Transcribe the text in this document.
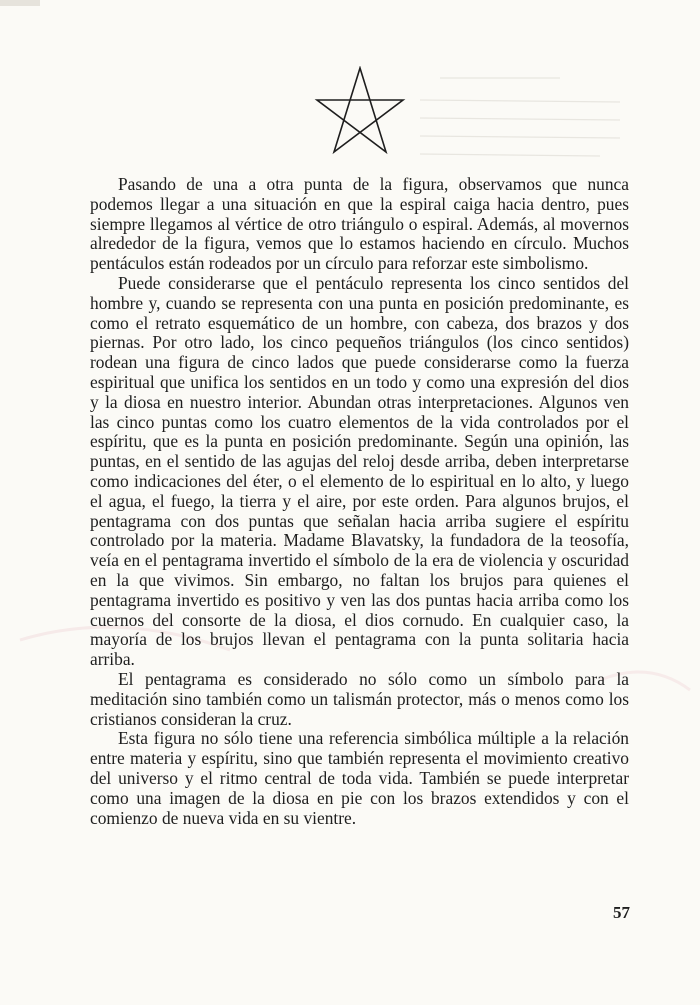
Pasando de una a otra punta de la figura, observamos que nunca podemos llegar a una situación en que la espiral caiga hacia dentro, pues siempre llegamos al vértice de otro triángulo o espiral. Además, al movernos alrededor de la figura, vemos que lo estamos haciendo en círculo. Muchos pentáculos están rodeados por un círculo para reforzar este simbolismo.

Puede considerarse que el pentáculo representa los cinco sentidos del hombre y, cuando se representa con una punta en posición predominante, es como el retrato esquemático de un hombre, con cabeza, dos brazos y dos piernas. Por otro lado, los cinco pequeños triángulos (los cinco sentidos) rodean una figura de cinco lados que puede considerarse como la fuerza espiritual que unifica los sentidos en un todo y como una expresión del dios y la diosa en nuestro interior. Abundan otras interpretaciones. Algunos ven las cinco puntas como los cuatro elementos de la vida controlados por el espíritu, que es la punta en posición predominante. Según una opinión, las puntas, en el sentido de las agujas del reloj desde arriba, deben interpretarse como indicaciones del éter, o el elemento de lo espiritual en lo alto, y luego el agua, el fuego, la tierra y el aire, por este orden. Para algunos brujos, el pentagrama con dos puntas que señalan hacia arriba sugiere el espíritu controlado por la materia. Madame Blavatsky, la fundadora de la teosofía, veía en el pentagrama invertido el símbolo de la era de violencia y oscuridad en la que vivimos. Sin embargo, no faltan los brujos para quienes el pentagrama invertido es positivo y ven las dos puntas hacia arriba como los cuernos del consorte de la diosa, el dios cornudo. En cualquier caso, la mayoría de los brujos llevan el pentagrama con la punta solitaria hacia arriba.

El pentagrama es considerado no sólo como un símbolo para la meditación sino también como un talismán protector, más o menos como los cristianos consideran la cruz.

Esta figura no sólo tiene una referencia simbólica múltiple a la relación entre materia y espíritu, sino que también representa el movimiento creativo del universo y el ritmo central de toda vida. También se puede interpretar como una imagen de la diosa en pie con los brazos extendidos y con el comienzo de nueva vida en su vientre.

57
